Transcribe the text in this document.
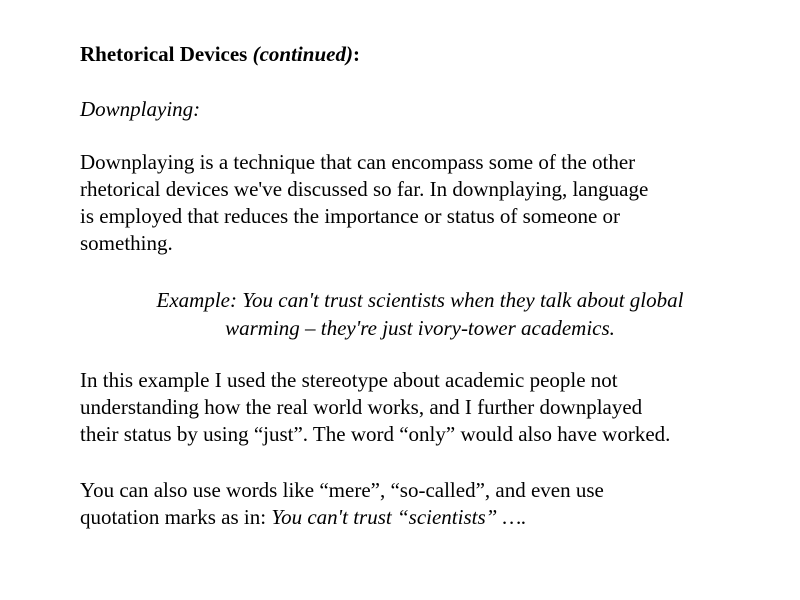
Rhetorical Devices (continued):
Downplaying:
Downplaying is a technique that can encompass some of the other
rhetorical devices we've discussed so far. In downplaying, language
is employed that reduces the importance or status of someone or
something.
Example: You can't trust scientists when they talk about global
warming – they're just ivory-tower academics.
In this example I used the stereotype about academic people not
understanding how the real world works, and I further downplayed
their status by using “just”. The word “only” would also have worked.
You can also use words like “mere”, “so-called”, and even use
quotation marks as in: You can't trust “scientists” ….
